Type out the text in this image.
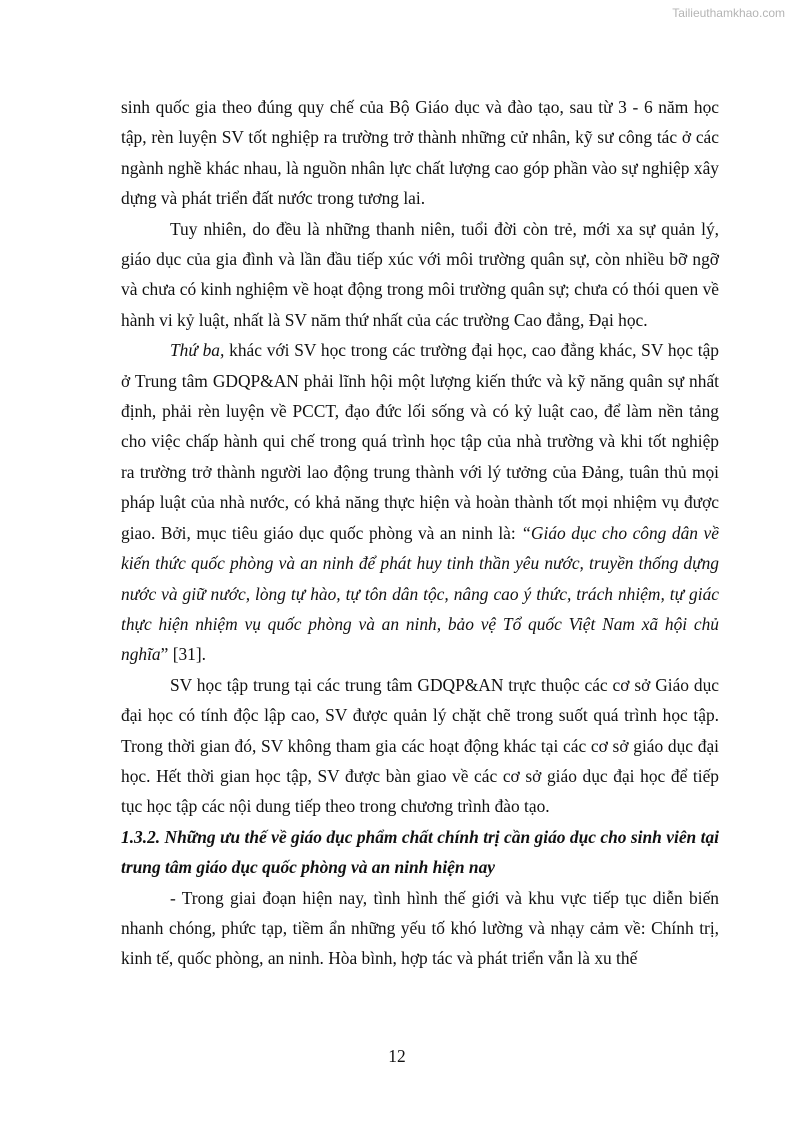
Tailieuthamkhao.com

sinh quốc gia theo đúng quy chế của Bộ Giáo dục và đào tạo, sau từ 3 - 6 năm học tập, rèn luyện SV tốt nghiệp ra trường trở thành những cử nhân, kỹ sư công tác ở các ngành nghề khác nhau, là nguồn nhân lực chất lượng cao góp phần vào sự nghiệp xây dựng và phát triển đất nước trong tương lai.

Tuy nhiên, do đều là những thanh niên, tuổi đời còn trẻ, mới xa sự quản lý, giáo dục của gia đình và lần đầu tiếp xúc với môi trường quân sự, còn nhiều bỡ ngỡ và chưa có kinh nghiệm về hoạt động trong môi trường quân sự; chưa có thói quen về hành vi kỷ luật, nhất là SV năm thứ nhất của các trường Cao đẳng, Đại học.

Thứ ba, khác với SV học trong các trường đại học, cao đẳng khác, SV học tập ở Trung tâm GDQP&AN phải lĩnh hội một lượng kiến thức và kỹ năng quân sự nhất định, phải rèn luyện về PCCT, đạo đức lối sống và có kỷ luật cao, để làm nền tảng cho việc chấp hành qui chế trong quá trình học tập của nhà trường và khi tốt nghiệp ra trường trở thành người lao động trung thành với lý tưởng của Đảng, tuân thủ mọi pháp luật của nhà nước, có khả năng thực hiện và hoàn thành tốt mọi nhiệm vụ được giao. Bởi, mục tiêu giáo dục quốc phòng và an ninh là: “Giáo dục cho công dân về kiến thức quốc phòng và an ninh để phát huy tinh thần yêu nước, truyền thống dựng nước và giữ nước, lòng tự hào, tự tôn dân tộc, nâng cao ý thức, trách nhiệm, tự giác thực hiện nhiệm vụ quốc phòng và an ninh, bảo vệ Tổ quốc Việt Nam xã hội chủ nghĩa” [31].

SV học tập trung tại các trung tâm GDQP&AN trực thuộc các cơ sở Giáo dục đại học có tính độc lập cao, SV được quản lý chặt chẽ trong suốt quá trình học tập. Trong thời gian đó, SV không tham gia các hoạt động khác tại các cơ sở giáo dục đại học. Hết thời gian học tập, SV được bàn giao về các cơ sở giáo dục đại học để tiếp tục học tập các nội dung tiếp theo trong chương trình đào tạo.

1.3.2. Những ưu thế về giáo dục phẩm chất chính trị cần giáo dục cho sinh viên tại trung tâm giáo dục quốc phòng và an ninh hiện nay

- Trong giai đoạn hiện nay, tình hình thế giới và khu vực tiếp tục diễn biến nhanh chóng, phức tạp, tiềm ẩn những yếu tố khó lường và nhạy cảm về: Chính trị, kinh tế, quốc phòng, an ninh. Hòa bình, hợp tác và phát triển vẫn là xu thế

12
